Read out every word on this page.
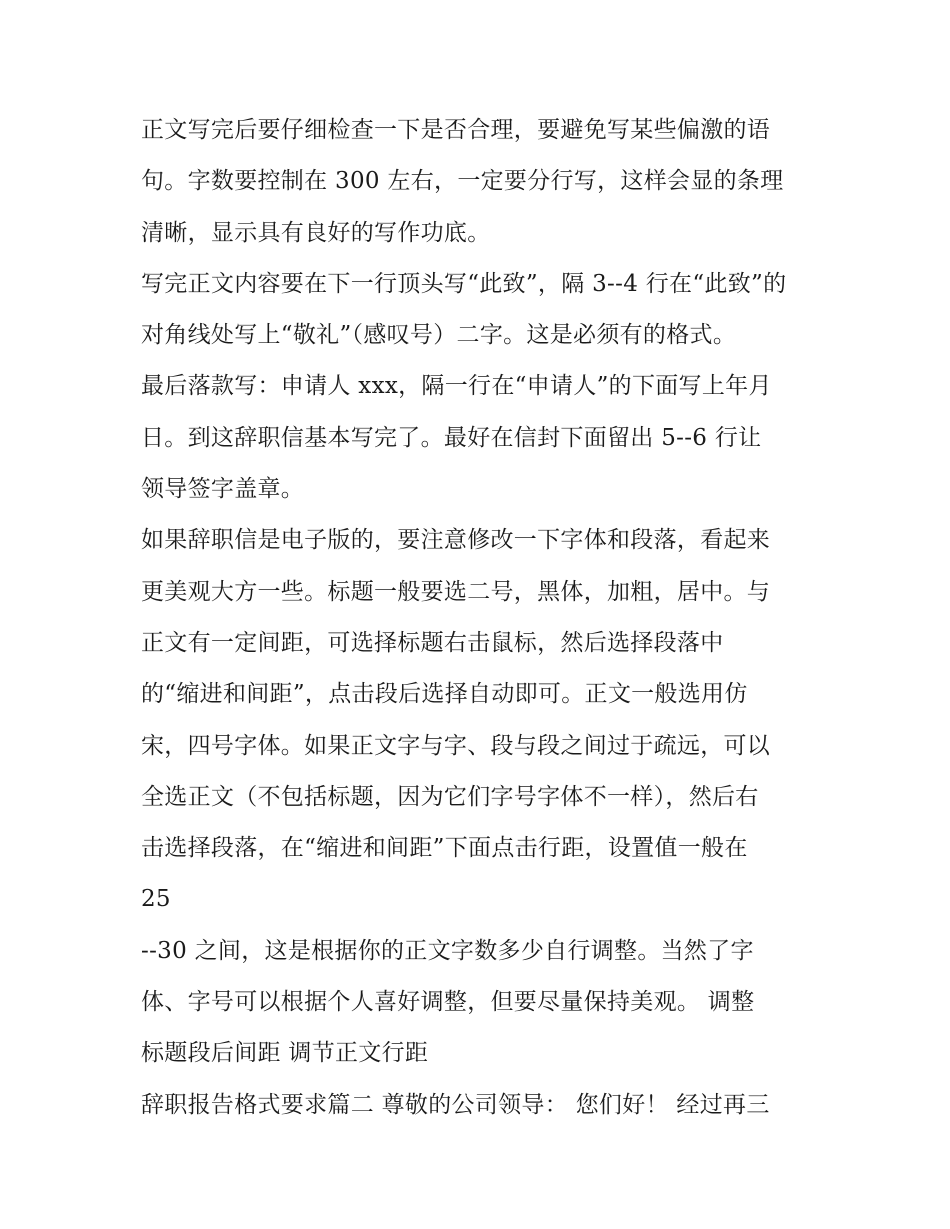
正文写完后要仔细检查一下是否合理，要避免写某些偏激的语
句。字数要控制在 300 左右，一定要分行写，这样会显的条理
清晰，显示具有良好的写作功底。
写完正文内容要在下一行顶头写“此致”，隔 3--4 行在“此致”的
对角线处写上“敬礼”（感叹号）二字。这是必须有的格式。
最后落款写：申请人 xxx，隔一行在“申请人”的下面写上年月
日。到这辞职信基本写完了。最好在信封下面留出 5--6 行让
领导签字盖章。
如果辞职信是电子版的，要注意修改一下字体和段落，看起来
更美观大方一些。标题一般要选二号，黑体，加粗，居中。与
正文有一定间距，可选择标题右击鼠标，然后选择段落中
的“缩进和间距”，点击段后选择自动即可。正文一般选用仿
宋，四号字体。如果正文字与字、段与段之间过于疏远，可以
全选正文（不包括标题，因为它们字号字体不一样），然后右
击选择段落，在“缩进和间距”下面点击行距，设置值一般在
25
--30 之间，这是根据你的正文字数多少自行调整。当然了字
体、字号可以根据个人喜好调整，但要尽量保持美观。 调整
标题段后间距 调节正文行距
辞职报告格式要求篇二 尊敬的公司领导： 您们好！ 经过再三
